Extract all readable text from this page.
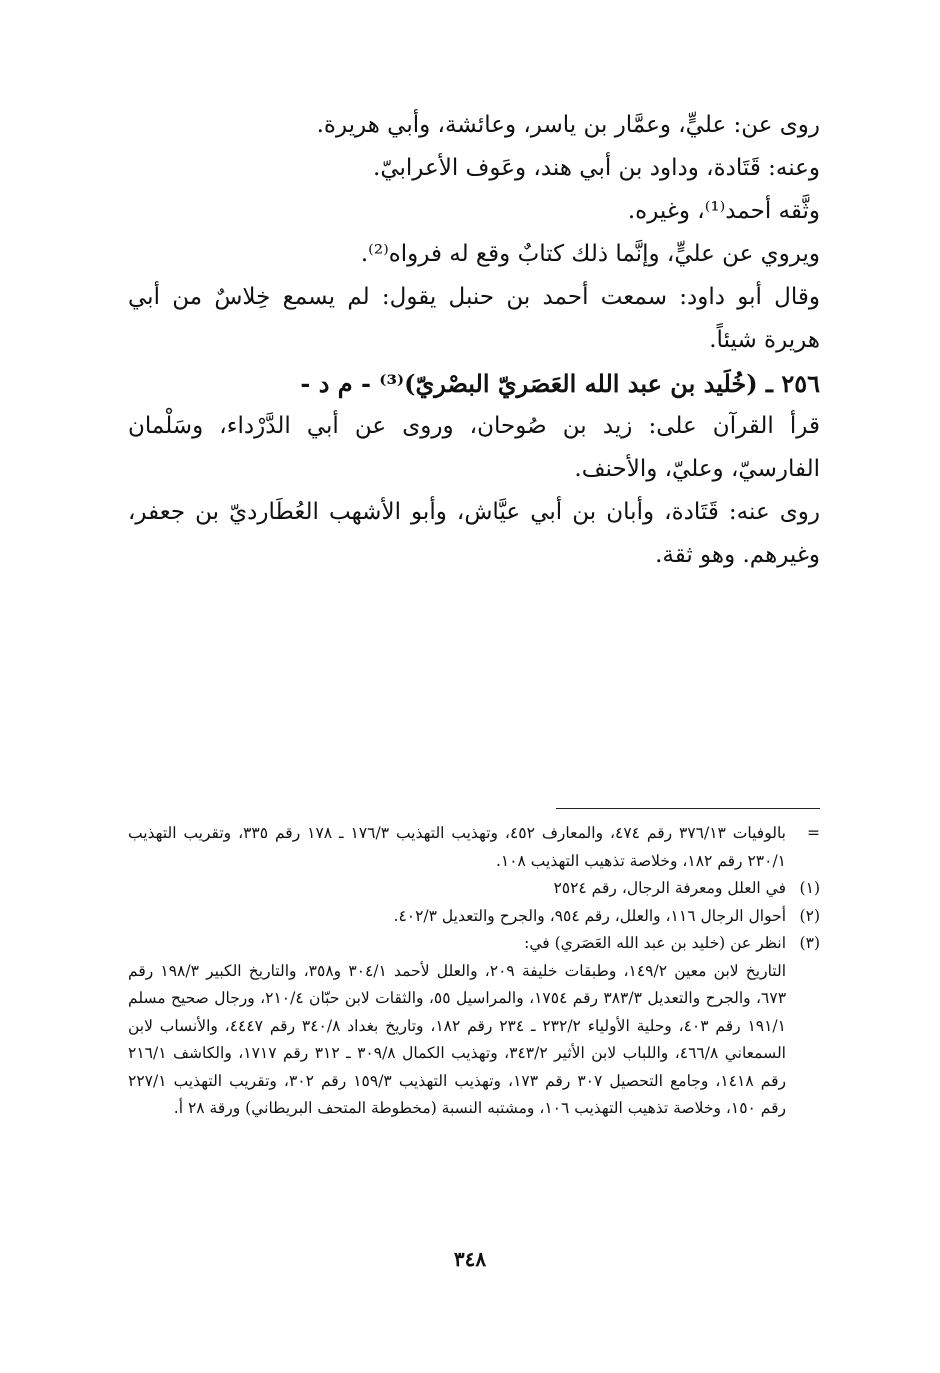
روى عن: عليٍّ، وعمَّار بن ياسر، وعائشة، وأبي هريرة.

وعنه: قَتَادة، وداود بن أبي هند، وعَوف الأعرابيّ.

وثَّقه أحمد⁽¹⁾، وغيره.

ويروي عن عليٍّ، وإنَّما ذلك كتابٌ وقع له فرواه⁽²⁾.

وقال أبو داود: سمعت أحمد بن حنبل يقول: لم يسمع خِلاسٌ من أبي هريرة شيئاً.

٢٥٦ ـ (خُلَيد بن عبد الله العَصَريّ البصْريّ)⁽³⁾ - م د -

قرأ القرآن على: زيد بن صُوحان، وروى عن أبي الدَّرْداء، وسَلْمان الفارسيّ، وعليّ، والأحنف.

روى عنه: قَتَادة، وأبان بن أبي عيَّاش، وأبو الأشهب العُطَارديّ بن جعفر، وغيرهم. وهو ثقة.

=
بالوفيات ٣٧٦/١٣ رقم ٤٧٤، والمعارف ٤٥٢، وتهذيب التهذيب ١٧٦/٣ ـ ١٧٨ رقم ٣٣٥، وتقريب التهذيب ٢٣٠/١ رقم ١٨٢، وخلاصة تذهيب التهذيب ١٠٨.
(١)
في العلل ومعرفة الرجال، رقم ٢٥٢٤
(٢)
أحوال الرجال ١١٦، والعلل، رقم ٩٥٤، والجرح والتعديل ٤٠٢/٣.
(٣)
انظر عن (خليد بن عبد الله العَصَري) في:
التاريخ لابن معين ١٤٩/٢، وطبقات خليفة ٢٠٩، والعلل لأحمد ٣٠٤/١ و٣٥٨، والتاريخ الكبير ١٩٨/٣ رقم ٦٧٣، والجرح والتعديل ٣٨٣/٣ رقم ١٧٥٤، والمراسيل ٥٥، والثقات لابن حبّان ٢١٠/٤، ورجال صحيح مسلم ١٩١/١ رقم ٤٠٣، وحلية الأولياء ٢٣٢/٢ ـ ٢٣٤ رقم ١٨٢، وتاريخ بغداد ٣٤٠/٨ رقم ٤٤٤٧، والأنساب لابن السمعاني ٤٦٦/٨، واللباب لابن الأثير ٣٤٣/٢، وتهذيب الكمال ٣٠٩/٨ ـ ٣١٢ رقم ١٧١٧، والكاشف ٢١٦/١ رقم ١٤١٨، وجامع التحصيل ٣٠٧ رقم ١٧٣، وتهذيب التهذيب ١٥٩/٣ رقم ٣٠٢، وتقريب التهذيب ٢٢٧/١ رقم ١٥٠، وخلاصة تذهيب التهذيب ١٠٦، ومشتبه النسبة (مخطوطة المتحف البريطاني) ورقة ٢٨ أ.
٣٤٨
